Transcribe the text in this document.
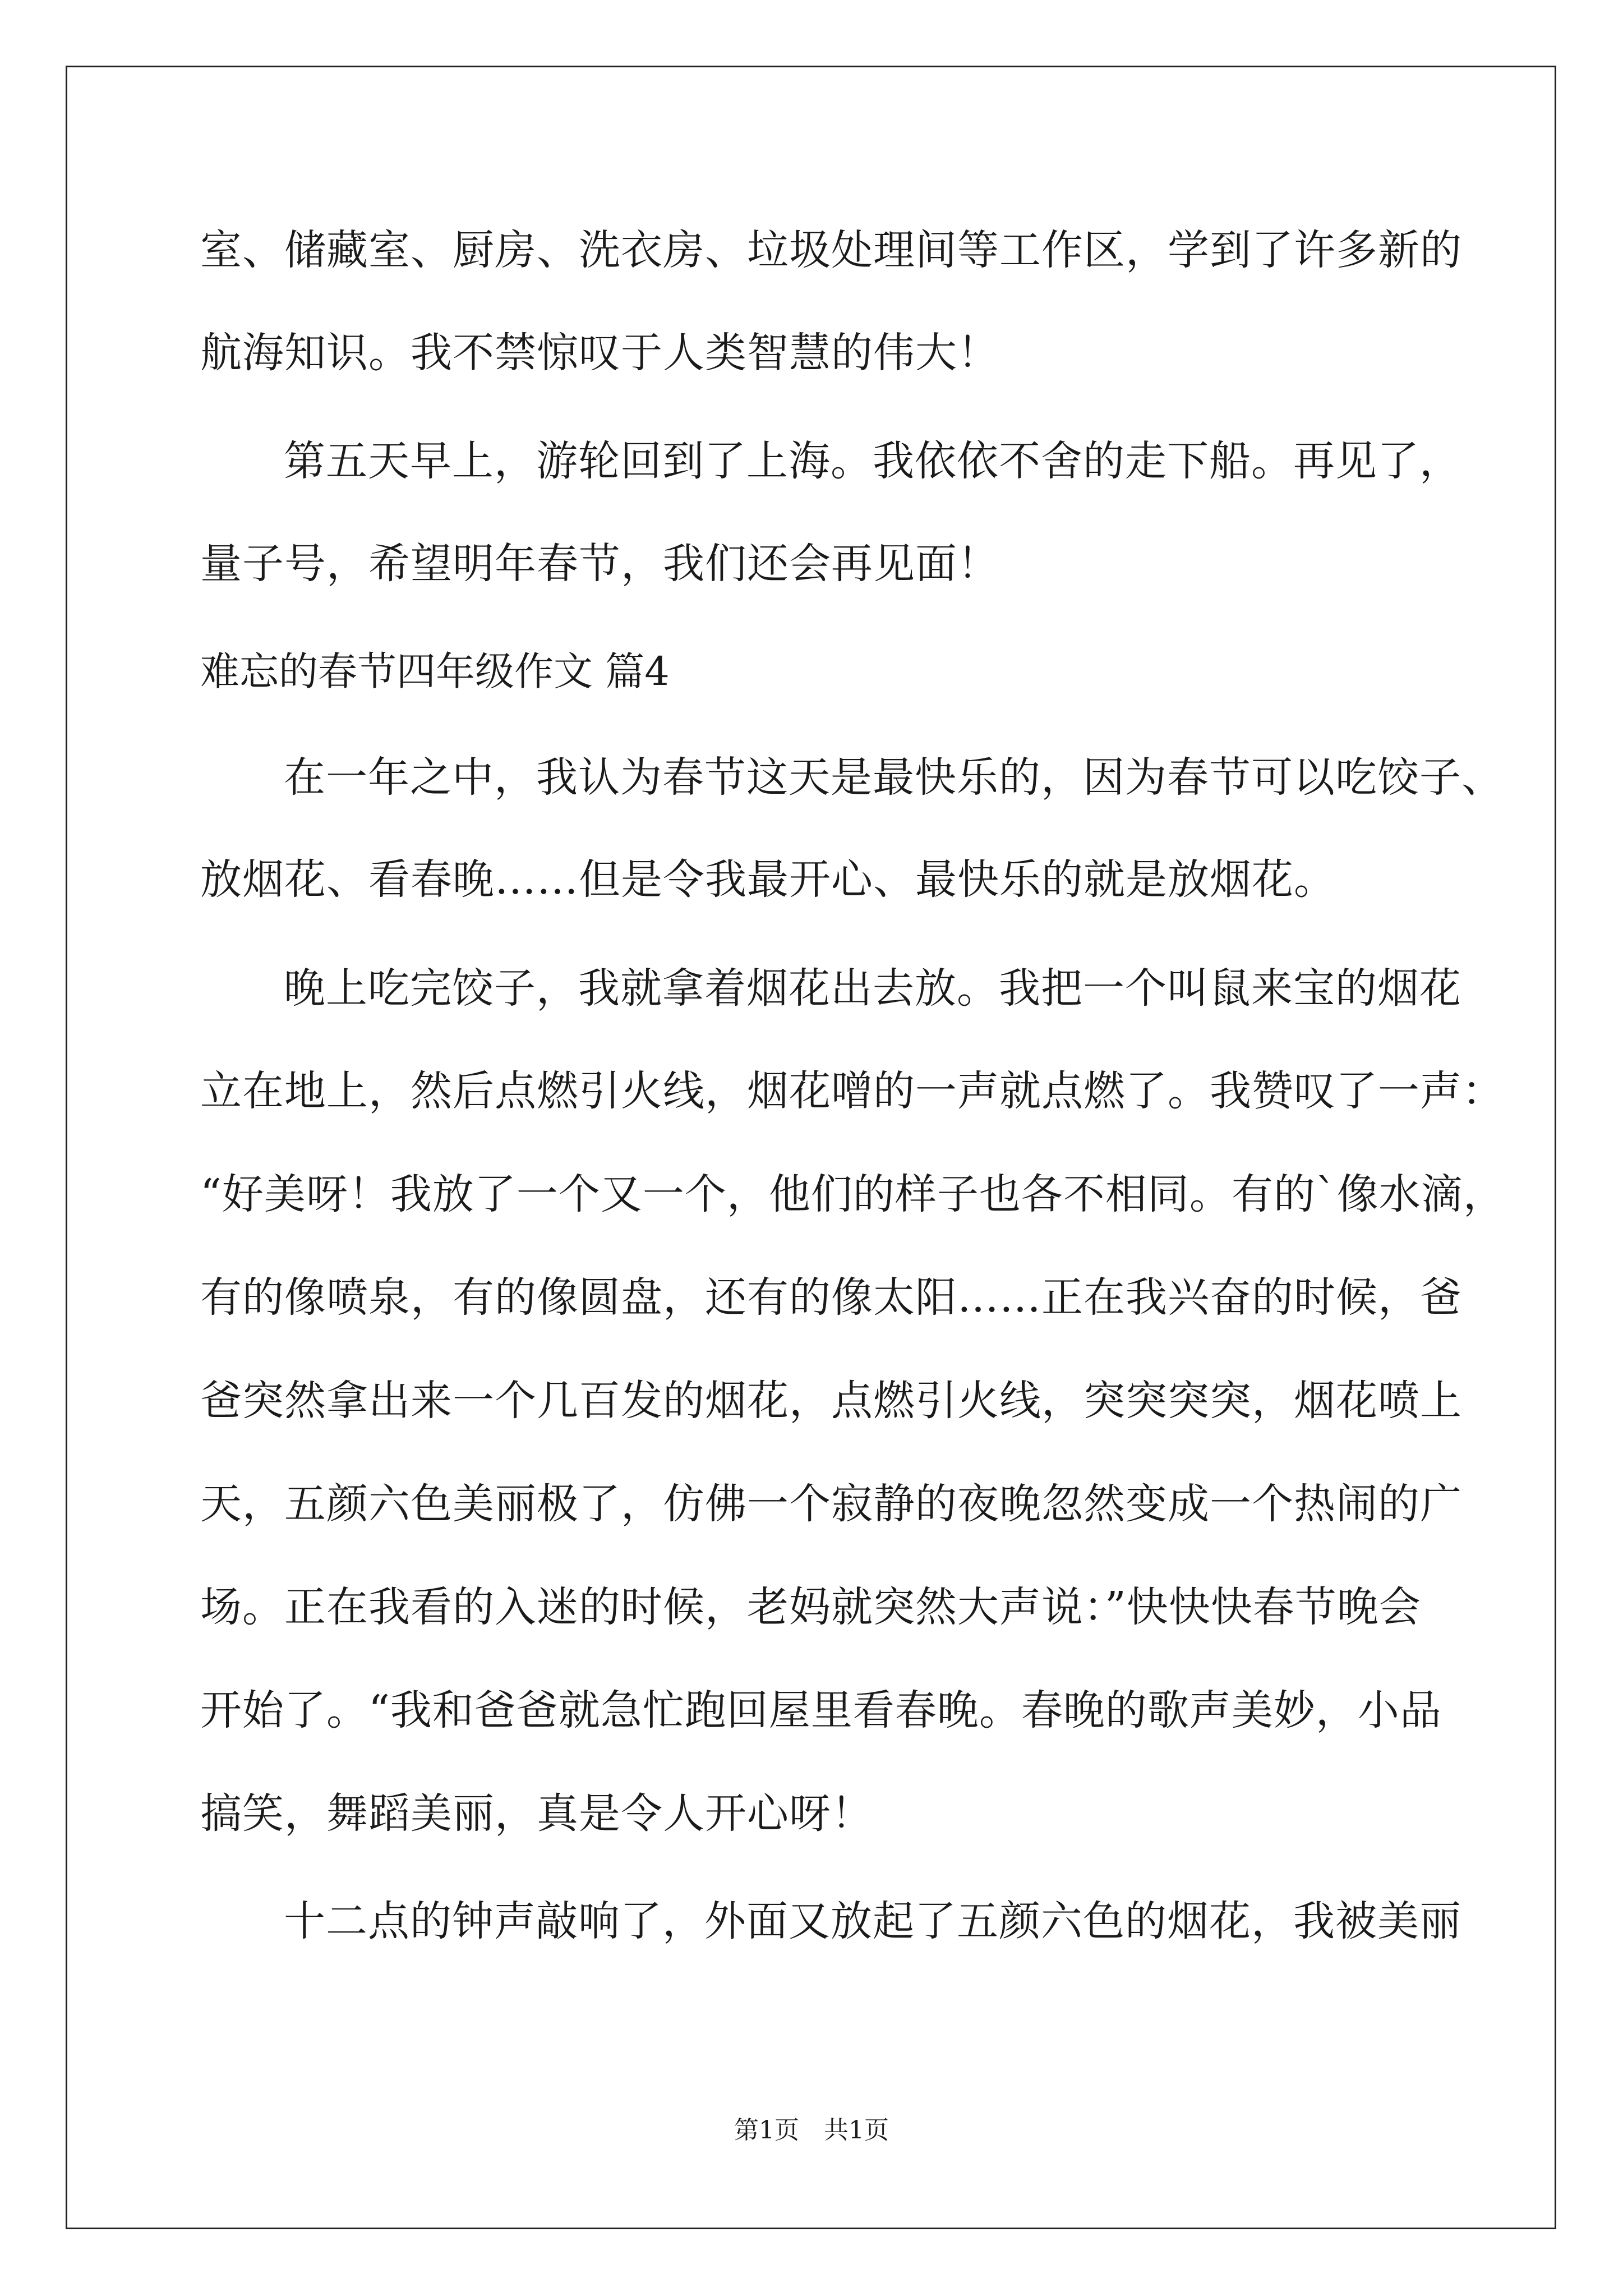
室、储藏室、厨房、洗衣房、垃圾处理间等工作区，学到了许多新的
航海知识。我不禁惊叹于人类智慧的伟大！
第五天早上，游轮回到了上海。我依依不舍的走下船。再见了，
量子号，希望明年春节，我们还会再见面！
难忘的春节四年级作文 篇4
在一年之中，我认为春节这天是最快乐的，因为春节可以吃饺子、
放烟花、看春晚……但是令我最开心、最快乐的就是放烟花。
晚上吃完饺子，我就拿着烟花出去放。我把一个叫鼠来宝的烟花
立在地上，然后点燃引火线，烟花噌的一声就点燃了。我赞叹了一声：
“好美呀！我放了一个又一个，他们的样子也各不相同。有的`像水滴，
有的像喷泉，有的像圆盘，还有的像太阳……正在我兴奋的时候，爸
爸突然拿出来一个几百发的烟花，点燃引火线，突突突突，烟花喷上
天，五颜六色美丽极了，仿佛一个寂静的夜晚忽然变成一个热闹的广
场。正在我看的入迷的时候，老妈就突然大声说：”快快快春节晚会
开始了。“我和爸爸就急忙跑回屋里看春晚。春晚的歌声美妙，小品
搞笑，舞蹈美丽，真是令人开心呀！
十二点的钟声敲响了，外面又放起了五颜六色的烟花，我被美丽
第1页　共1页
